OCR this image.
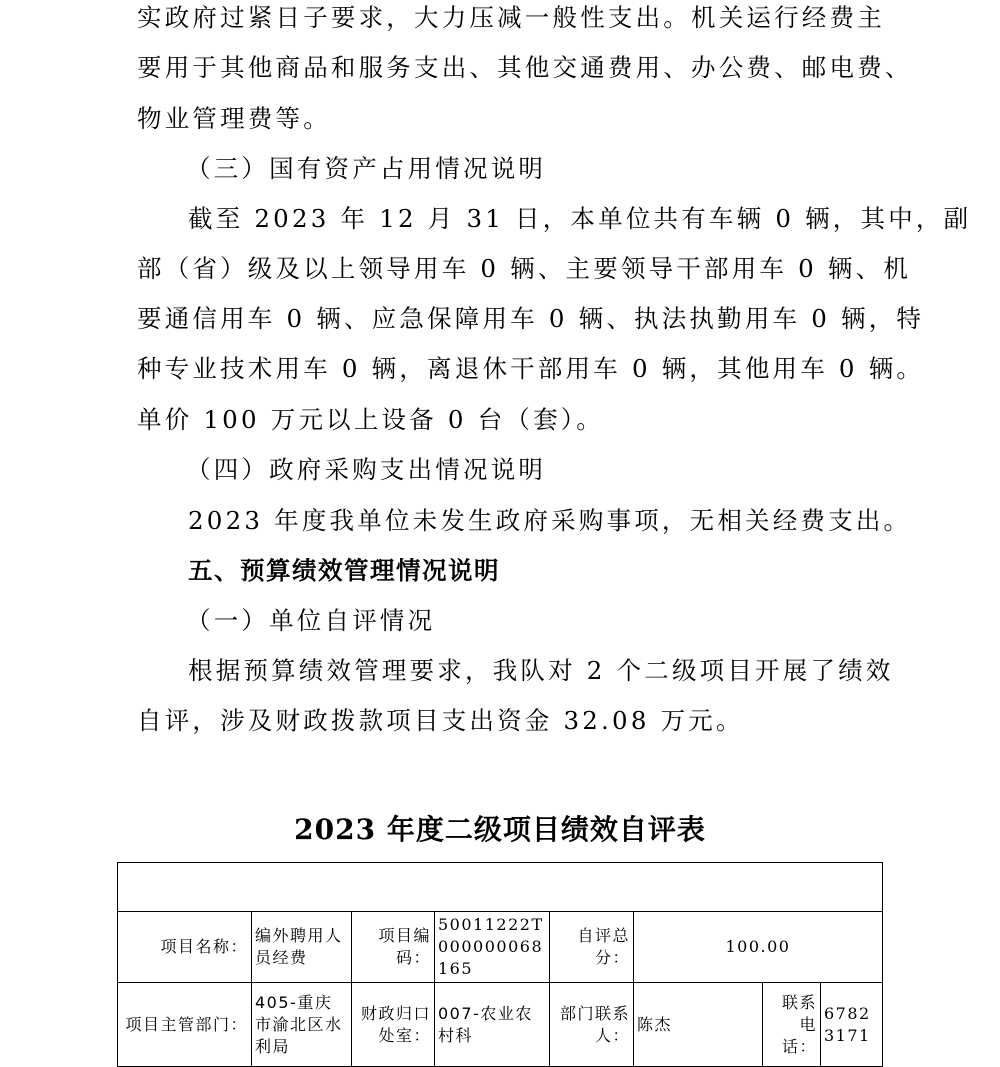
实政府过紧日子要求，大力压减一般性支出。机关运行经费主
要用于其他商品和服务支出、其他交通费用、办公费、邮电费、
物业管理费等。
（三）国有资产占用情况说明
截至 2023 年 12 月 31 日，本单位共有车辆 0 辆，其中，副
部（省）级及以上领导用车 0 辆、主要领导干部用车 0 辆、机
要通信用车 0 辆、应急保障用车 0 辆、执法执勤用车 0 辆，特
种专业技术用车 0 辆，离退休干部用车 0 辆，其他用车 0 辆。
单价 100 万元以上设备 0 台（套）。
（四）政府采购支出情况说明
2023 年度我单位未发生政府采购事项，无相关经费支出。
五、预算绩效管理情况说明
（一）单位自评情况
根据预算绩效管理要求，我队对 2 个二级项目开展了绩效
自评，涉及财政拨款项目支出资金 32.08 万元。
2023 年度二级项目绩效自评表

项目名称：	编外聘用人员经费	项目编码：	50011222T000000068165	自评总分：	100.00		
项目主管部门：	405-重庆市渝北区水利局	财政归口处室：	007-农业农村科	部门联系人：	陈杰	联系电话：	67823171
